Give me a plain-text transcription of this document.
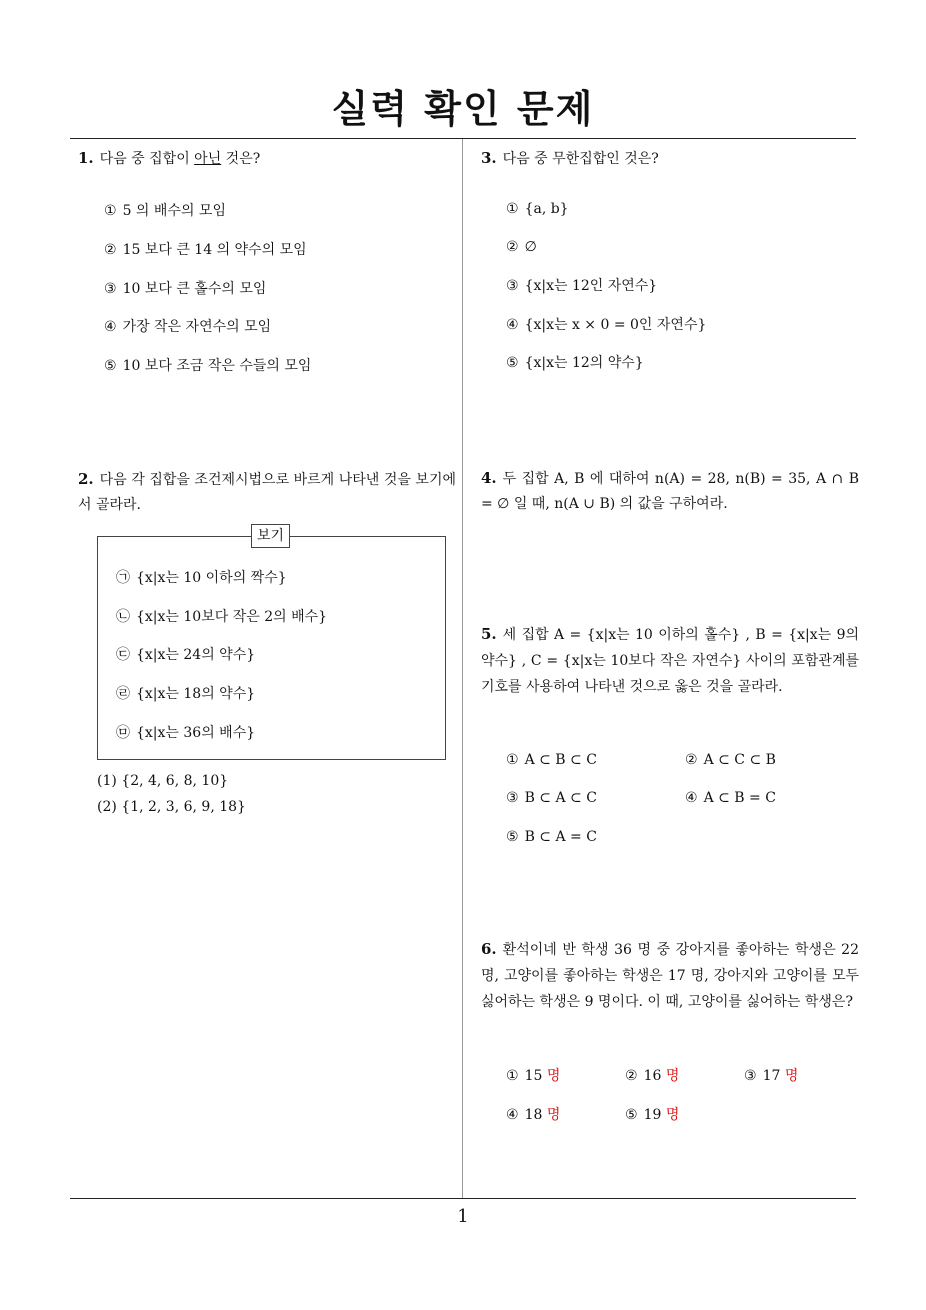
실력 확인 문제
1. 다음 중 집합이 아닌 것은?
① 5 의 배수의 모임
② 15 보다 큰 14 의 약수의 모임
③ 10 보다 큰 홀수의 모임
④ 가장 작은 자연수의 모임
⑤ 10 보다 조금 작은 수들의 모임
2. 다음 각 집합을 조건제시법으로 바르게 나타낸 것을 보기에서 골라라.
보기
㉠ {x|x는 10 이하의 짝수}
㉡ {x|x는 10보다 작은 2의 배수}
㉢ {x|x는 24의 약수}
㉣ {x|x는 18의 약수}
㉤ {x|x는 36의 배수}
(1) {2, 4, 6, 8, 10}
(2) {1, 2, 3, 6, 9, 18}
3. 다음 중 무한집합인 것은?
① {a, b}
② ∅
③ {x|x는 12인 자연수}
④ {x|x는 x × 0 = 0인 자연수}
⑤ {x|x는 12의 약수}
4. 두 집합 A, B 에 대하여 n(A) = 28, n(B) = 35, A ∩ B = ∅ 일 때, n(A ∪ B) 의 값을 구하여라.
5. 세 집합 A = {x|x는 10 이하의 홀수} , B = {x|x는 9의 약수} , C = {x|x는 10보다 작은 자연수} 사이의 포함관계를 기호를 사용하여 나타낸 것으로 옳은 것을 골라라.
① A ⊂ B ⊂ C	② A ⊂ C ⊂ B
③ B ⊂ A ⊂ C	④ A ⊂ B = C
⑤ B ⊂ A = C
6. 환석이네 반 학생 36 명 중 강아지를 좋아하는 학생은 22 명, 고양이를 좋아하는 학생은 17 명, 강아지와 고양이를 모두 싫어하는 학생은 9 명이다. 이 때, 고양이를 싫어하는 학생은?
① 15 명	② 16 명	③ 17 명
④ 18 명	⑤ 19 명
1
